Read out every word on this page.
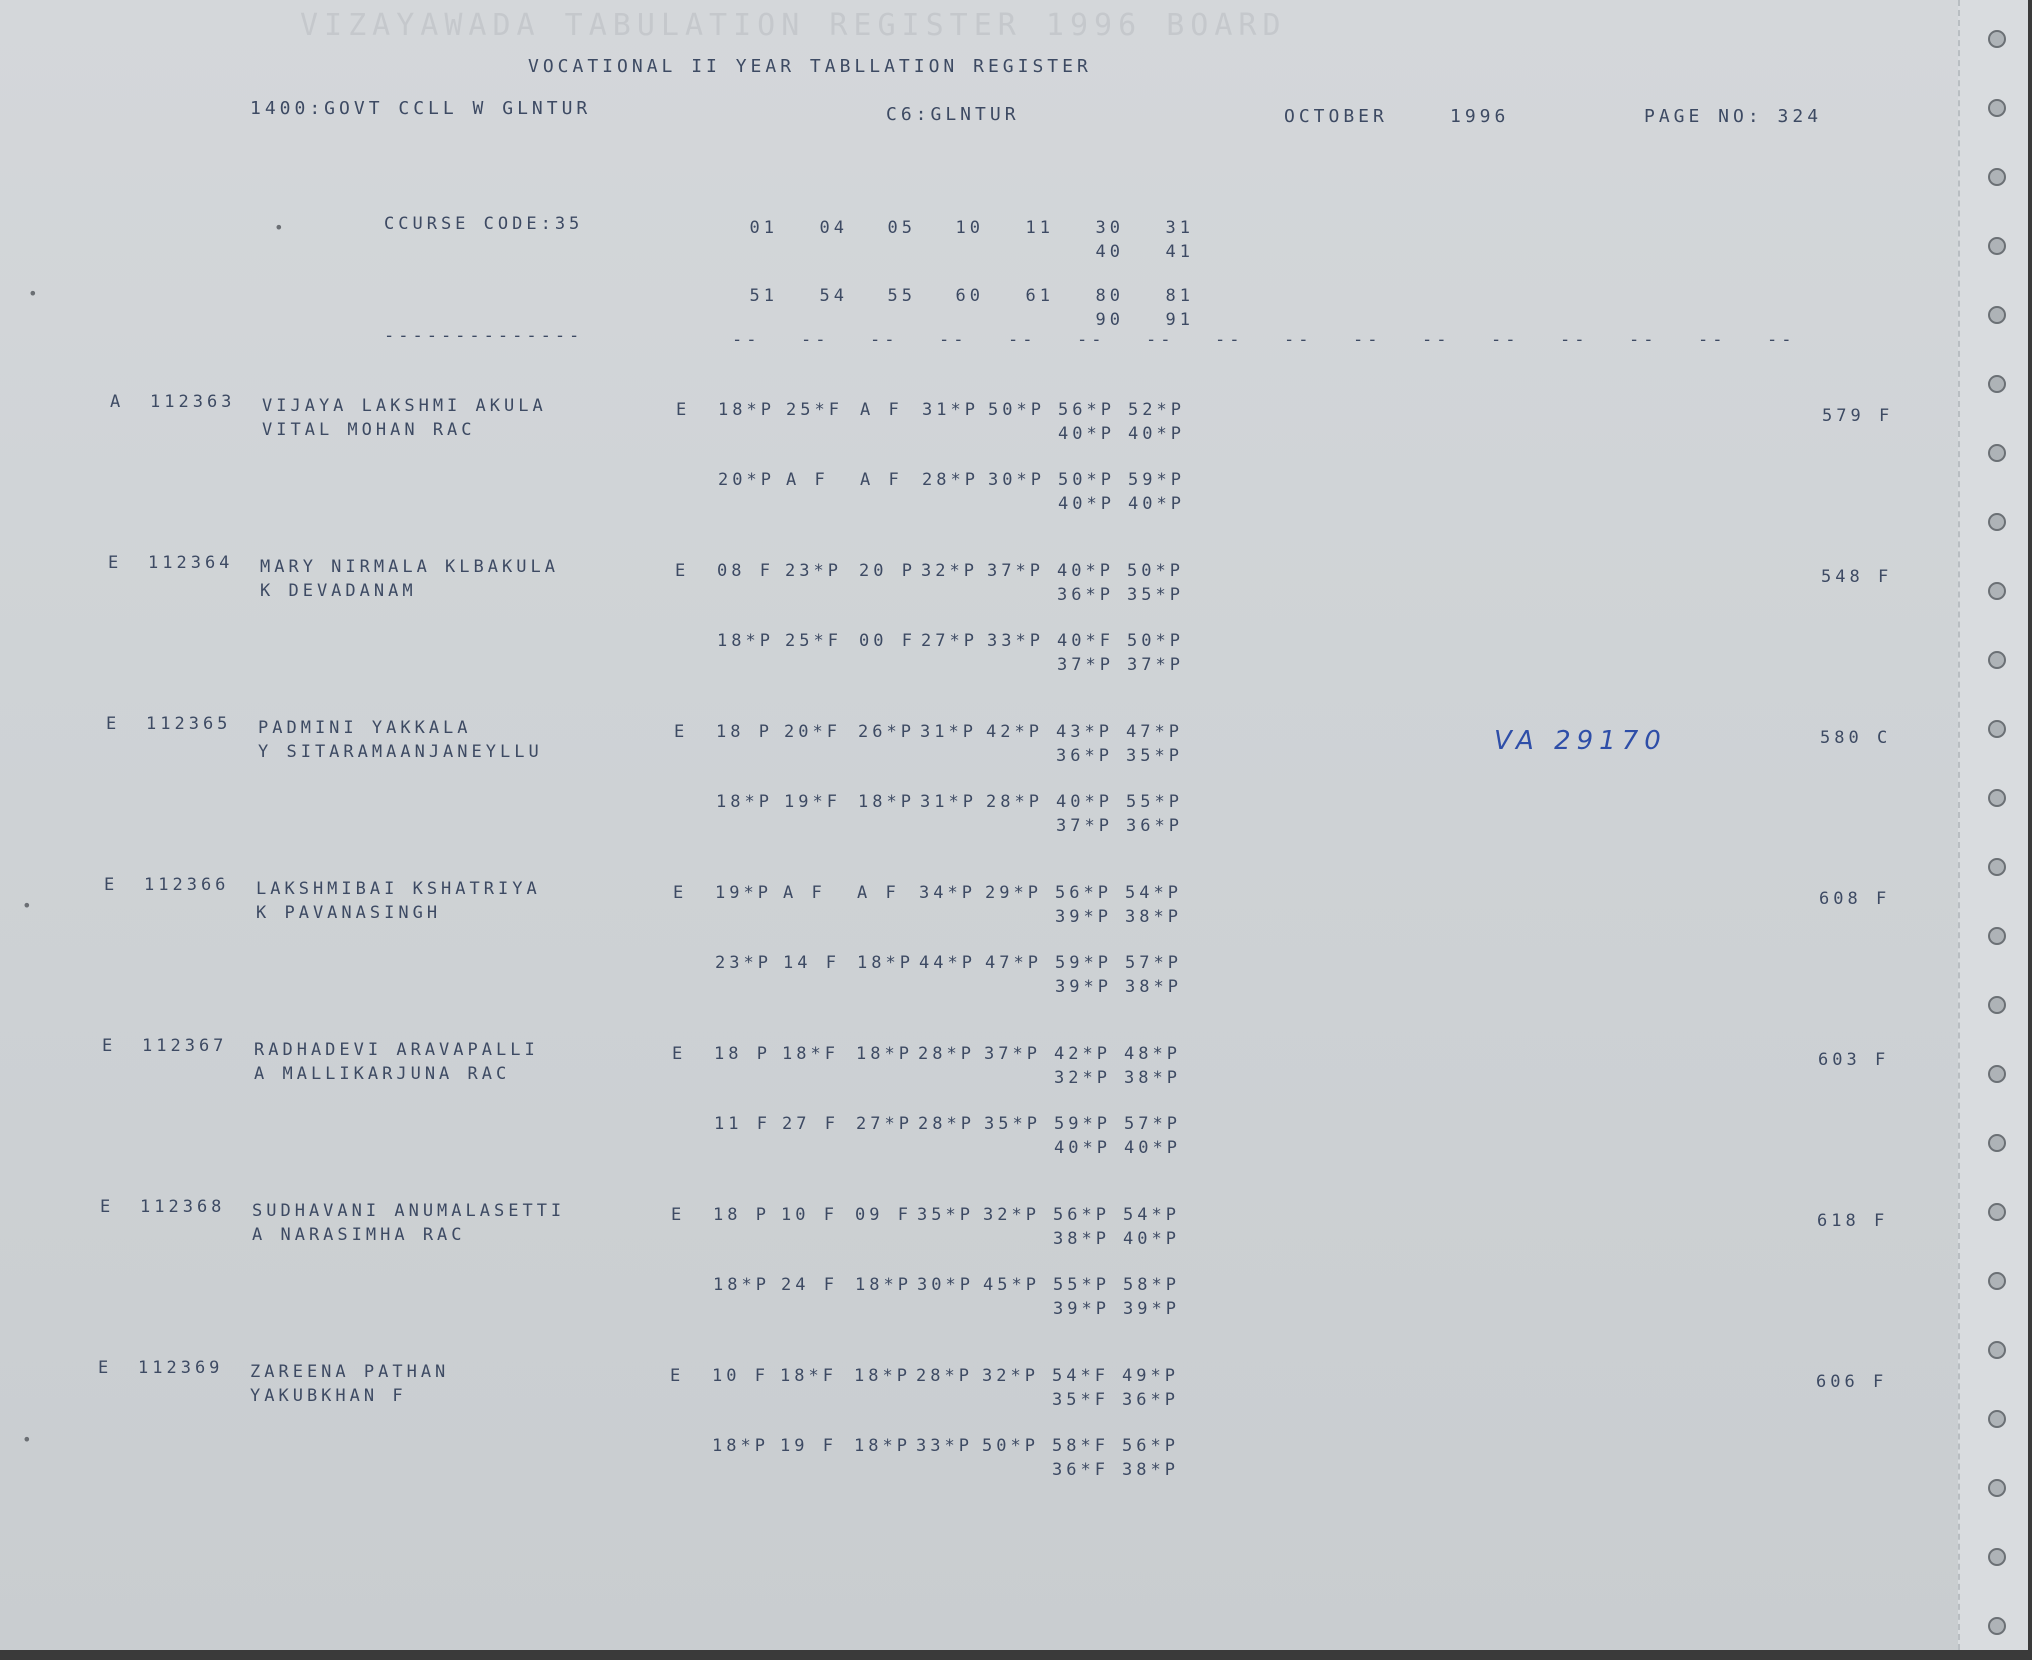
VIZAYAWADA TABULATION REGISTER 1996 BOARD
VOCATIONAL II YEAR TABLLATION REGISTER
1400:GOVT CCLL W GLNTUR	C6:GLNTUR	OCTOBER	1996	PAGE NO: 324
CCURSE CODE:35
--------------
01	04	05	10	11	30	31
40	41
51	54	55	60	61	80	81
90	91
-- -- -- -- -- -- -- -- -- -- -- -- -- -- -- --
A 112363 VIJAYA LAKSHMI AKULA
VITAL MOHAN RAC
E 18*P 25*F A F 31*P 50*P 56*P 52*P
40*P 40*P
20*P A F A F 28*P 30*P 50*P 59*P
40*P 40*P
579 F
E 112364 MARY NIRMALA KLBAKULA
K DEVADANAM
E 08 F 23*P 20 P 32*P 37*P 40*P 50*P
36*P 35*P
18*P 25*F 00 F 27*P 33*P 40*F 50*P
37*P 37*P
548 F
E 112365 PADMINI YAKKALA
Y SITARAMAANJANEYLLU
E 18 P 20*F 26*P 31*P 42*P 43*P 47*P
36*P 35*P
18*P 19*F 18*P 31*P 28*P 40*P 55*P
37*P 36*P
580 C
E 112366 LAKSHMIBAI KSHATRIYA
K PAVANASINGH
E 19*P A F A F 34*P 29*P 56*P 54*P
39*P 38*P
23*P 14 F 18*P 44*P 47*P 59*P 57*P
39*P 38*P
608 F
E 112367 RADHADEVI ARAVAPALLI
A MALLIKARJUNA RAC
E 18 P 18*F 18*P 28*P 37*P 42*P 48*P
32*P 38*P
11 F 27 F 27*P 28*P 35*P 59*P 57*P
40*P 40*P
603 F
E 112368 SUDHAVANI ANUMALASETTI
A NARASIMHA RAC
E 18 P 10 F 09 F 35*P 32*P 56*P 54*P
38*P 40*P
18*P 24 F 18*P 30*P 45*P 55*P 58*P
39*P 39*P
618 F
E 112369 ZAREENA PATHAN
YAKUBKHAN F
E 10 F 18*F 18*P 28*P 32*P 54*F 49*P
35*F 36*P
18*P 19 F 18*P 33*P 50*P 58*F 56*P
36*F 38*P
606 F
VA 29170
•
•
•
•
